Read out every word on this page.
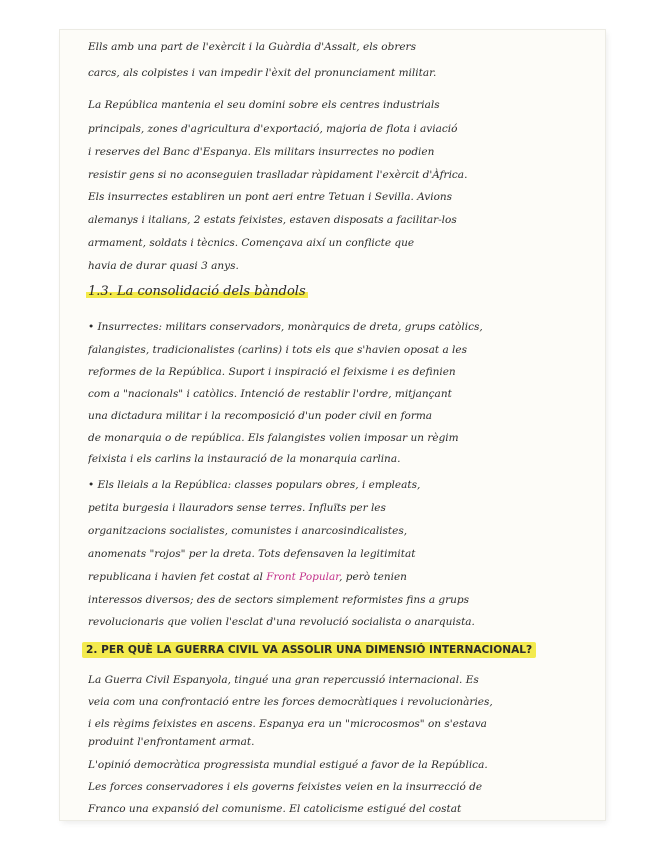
Ells amb una part de l'exèrcit i la Guàrdia d'Assalt, els obrers
carcs, als colpistes i van impedir l'èxit del pronunciament militar.
La República mantenia el seu domini sobre els centres industrials
principals, zones d'agricultura d'exportació, majoria de flota i aviació
i reserves del Banc d'Espanya. Els militars insurrectes no podien
resistir gens si no aconseguien traslladar ràpidament l'exèrcit d'Àfrica.
Els insurrectes establiren un pont aeri entre Tetuan i Sevilla. Avions
alemanys i italians, 2 estats feixistes, estaven disposats a facilitar-los
armament, soldats i tècnics. Començava així un conflicte que
havia de durar quasi 3 anys.
1.3. La consolidació dels bàndols
• Insurrectes: militars conservadors, monàrquics de dreta, grups catòlics,
falangistes, tradicionalistes (carlins) i tots els que s'havien oposat a les
reformes de la República. Suport i inspiració el feixisme i es definien
com a "nacionals" i catòlics. Intenció de restablir l'ordre, mitjançant
una dictadura militar i la recomposició d'un poder civil en forma
de monarquia o de república. Els falangistes volien imposar un règim
feixista i els carlins la instauració de la monarquia carlina.
• Els lleials a la República: classes populars obres, i empleats,
petita burgesia i llauradors sense terres. Influïts per les
organitzacions socialistes, comunistes i anarcosindicalistes,
anomenats "rojos" per la dreta. Tots defensaven la legitimitat
republicana i havien fet costat al Front Popular, però tenien
interessos diversos; des de sectors simplement reformistes fins a grups
revolucionaris que volien l'esclat d'una revolució socialista o anarquista.
2. PER QUÈ LA GUERRA CIVIL VA ASSOLIR UNA DIMENSIÓ INTERNACIONAL?
La Guerra Civil Espanyola, tingué una gran repercussió internacional. Es
veia com una confrontació entre les forces democràtiques i revolucionàries,
i els règims feixistes en ascens. Espanya era un "microcosmos" on s'estava
produint l'enfrontament armat.
L'opinió democràtica progressista mundial estigué a favor de la República.
Les forces conservadores i els governs feixistes veien en la insurrecció de
Franco una expansió del comunisme. El catolicisme estigué del costat
